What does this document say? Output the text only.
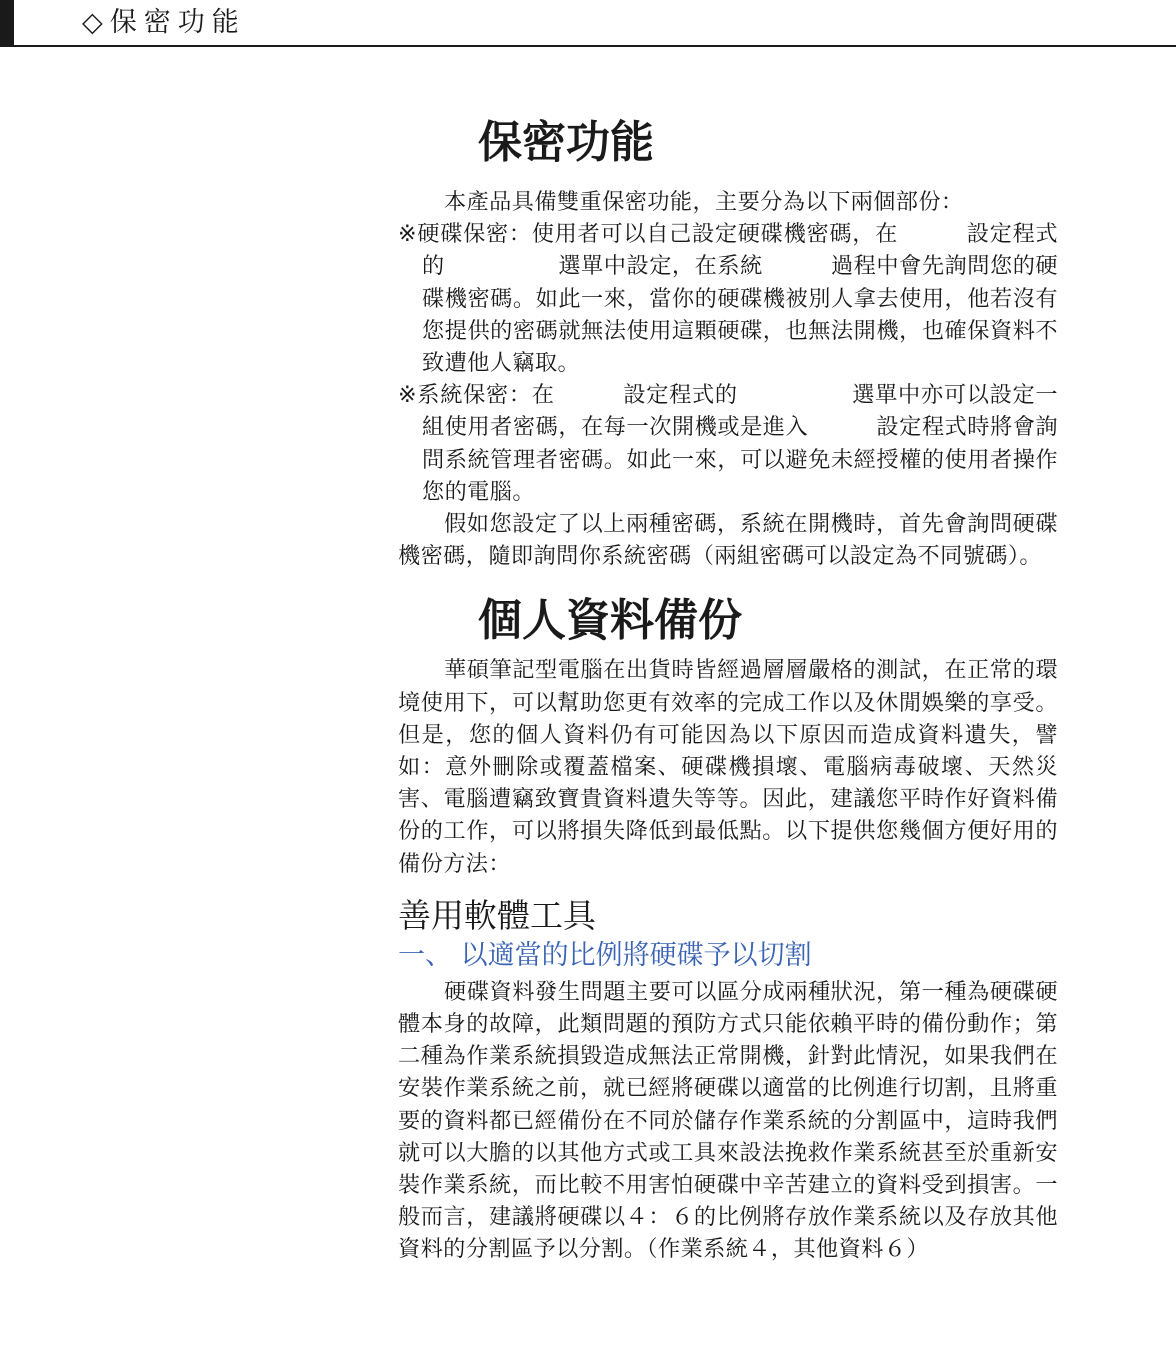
◇保密功能
保密功能

本產品具備雙重保密功能，主要分為以下兩個部份：

※硬碟保密：使用者可以自己設定硬碟機密碼，在　　　設定程式的　　　　　選單中設定，在系統　　　過程中會先詢問您的硬碟機密碼。如此一來，當你的硬碟機被別人拿去使用，他若沒有您提供的密碼就無法使用這顆硬碟，也無法開機，也確保資料不致遭他人竊取。

※系統保密：在　　　設定程式的　　　　　選單中亦可以設定一組使用者密碼，在每一次開機或是進入　　　設定程式時將會詢問系統管理者密碼。如此一來，可以避免未經授權的使用者操作您的電腦。

假如您設定了以上兩種密碼，系統在開機時，首先會詢問硬碟機密碼，隨即詢問你系統密碼（兩組密碼可以設定為不同號碼）。

個人資料備份

華碩筆記型電腦在出貨時皆經過層層嚴格的測試，在正常的環境使用下，可以幫助您更有效率的完成工作以及休閒娛樂的享受。但是，您的個人資料仍有可能因為以下原因而造成資料遺失，譬如：意外刪除或覆蓋檔案、硬碟機損壞、電腦病毒破壞、天然災害、電腦遭竊致寶貴資料遺失等等。因此，建議您平時作好資料備份的工作，可以將損失降低到最低點。以下提供您幾個方便好用的備份方法：

善用軟體工具
一、 以適當的比例將硬碟予以切割

硬碟資料發生問題主要可以區分成兩種狀況，第一種為硬碟硬體本身的故障，此類問題的預防方式只能依賴平時的備份動作；第二種為作業系統損毀造成無法正常開機，針對此情況，如果我們在安裝作業系統之前，就已經將硬碟以適當的比例進行切割，且將重要的資料都已經備份在不同於儲存作業系統的分割區中，這時我們就可以大膽的以其他方式或工具來設法挽救作業系統甚至於重新安裝作業系統，而比較不用害怕硬碟中辛苦建立的資料受到損害。一般而言，建議將硬碟以４：６的比例將存放作業系統以及存放其他資料的分割區予以分割。（作業系統４，其他資料６）
